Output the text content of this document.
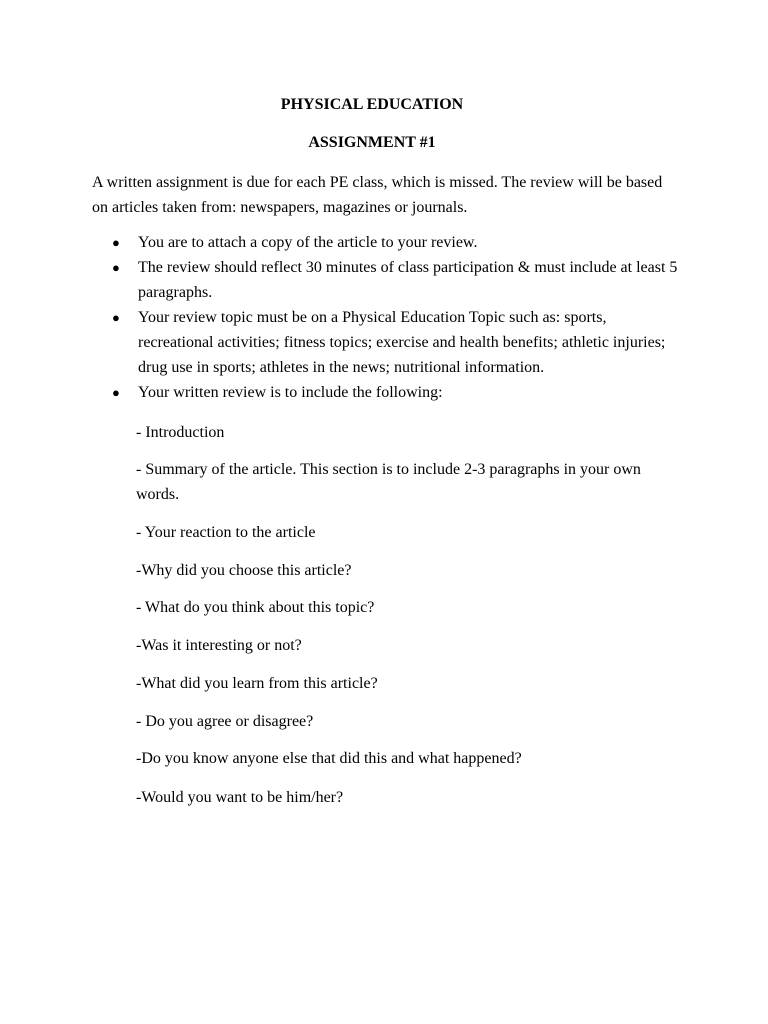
PHYSICAL EDUCATION
ASSIGNMENT #1

A written assignment is due for each PE class, which is missed. The review will be based on articles taken from: newspapers, magazines or journals.

● You are to attach a copy of the article to your review.
● The review should reflect 30 minutes of class participation & must include at least 5 paragraphs.
● Your review topic must be on a Physical Education Topic such as: sports, recreational activities; fitness topics; exercise and health benefits; athletic injuries; drug use in sports; athletes in the news; nutritional information.
● Your written review is to include the following:

- Introduction

- Summary of the article. This section is to include 2-3 paragraphs in your own words.

- Your reaction to the article

-Why did you choose this article?

- What do you think about this topic?

-Was it interesting or not?

-What did you learn from this article?

- Do you agree or disagree?

-Do you know anyone else that did this and what happened?

-Would you want to be him/her?
